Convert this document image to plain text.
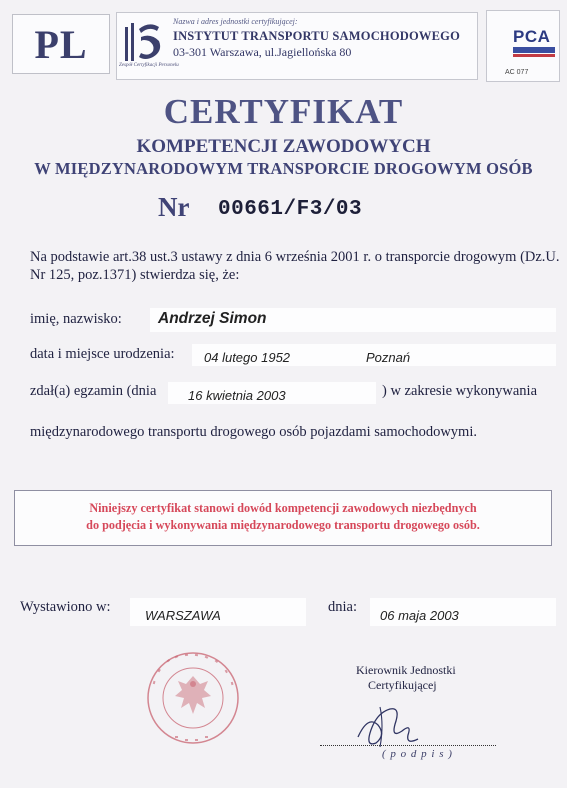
PL	Zespół Certyfikacji Personelu
Nazwa i adres jednostki certyfikującej:
INSTYTUT TRANSPORTU SAMOCHODOWEGO
03-301 Warszawa, ul.Jagiellońska 80
PCA
AC 077
CERTYFIKAT
KOMPETENCJI ZAWODOWYCH
W MIĘDZYNARODOWYM TRANSPORCIE DROGOWYM OSÓB
Nr 00661/F3/03
Na podstawie art.38 ust.3 ustawy z dnia 6 września 2001 r. o transporcie drogowym (Dz.U. Nr 125, poz.1371) stwierdza się, że:
imię, nazwisko: Andrzej Simon
data i miejsce urodzenia: 04 lutego 1952	Poznań
zdał(a) egzamin (dnia 16 kwietnia 2003	) w zakresie wykonywania
międzynarodowego transportu drogowego osób pojazdami samochodowymi.
Niniejszy certyfikat stanowi dowód kompetencji zawodowych niezbędnych
do podjęcia i wykonywania międzynarodowego transportu drogowego osób.
Wystawiono w:
WARSZAWA
dnia:
06 maja 2003
Kierownik Jednostki
Certyfikującej
( p o d p i s )
